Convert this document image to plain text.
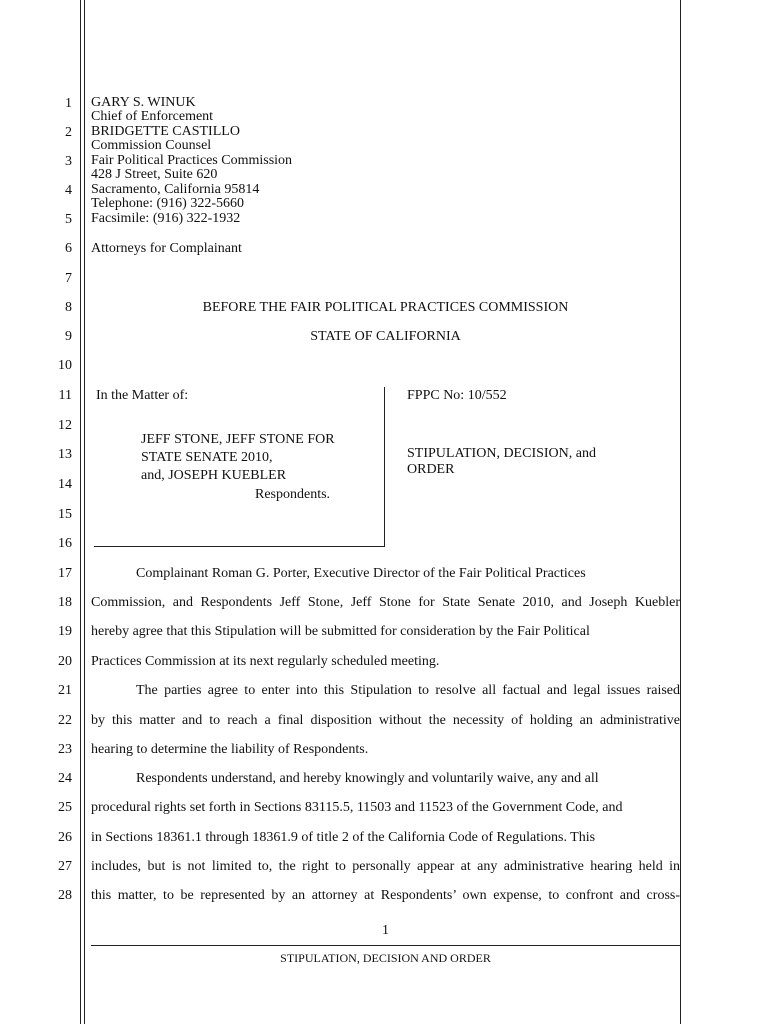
1
2
3
4
5
6
7
8
9
10
11
12
13
14
15
16
17
18
19
20
21
22
23
24
25
26
27
28
GARY S. WINUK
Chief of Enforcement
BRIDGETTE CASTILLO
Commission Counsel
Fair Political Practices Commission
428 J Street, Suite 620
Sacramento, California 95814
Telephone: (916) 322-5660
Facsimile: (916) 322-1932
Attorneys for Complainant
BEFORE THE FAIR POLITICAL PRACTICES COMMISSION
STATE OF CALIFORNIA
In the Matter of:
JEFF STONE, JEFF STONE FOR
STATE SENATE 2010,
and, JOSEPH KUEBLER
Respondents.
FPPC No: 10/552
STIPULATION, DECISION, and
ORDER
Complainant Roman G. Porter, Executive Director of the Fair Political Practices
Commission, and Respondents Jeff Stone, Jeff Stone for State Senate 2010, and Joseph Kuebler
hereby agree that this Stipulation will be submitted for consideration by the Fair Political
Practices Commission at its next regularly scheduled meeting.
The parties agree to enter into this Stipulation to resolve all factual and legal issues raised
by this matter and to reach a final disposition without the necessity of holding an administrative
hearing to determine the liability of Respondents.
Respondents understand, and hereby knowingly and voluntarily waive, any and all
procedural rights set forth in Sections 83115.5, 11503 and 11523 of the Government Code, and
in Sections 18361.1 through 18361.9 of title 2 of the California Code of Regulations. This
includes, but is not limited to, the right to personally appear at any administrative hearing held in
this matter, to be represented by an attorney at Respondents’ own expense, to confront and cross-
1
STIPULATION, DECISION AND ORDER
